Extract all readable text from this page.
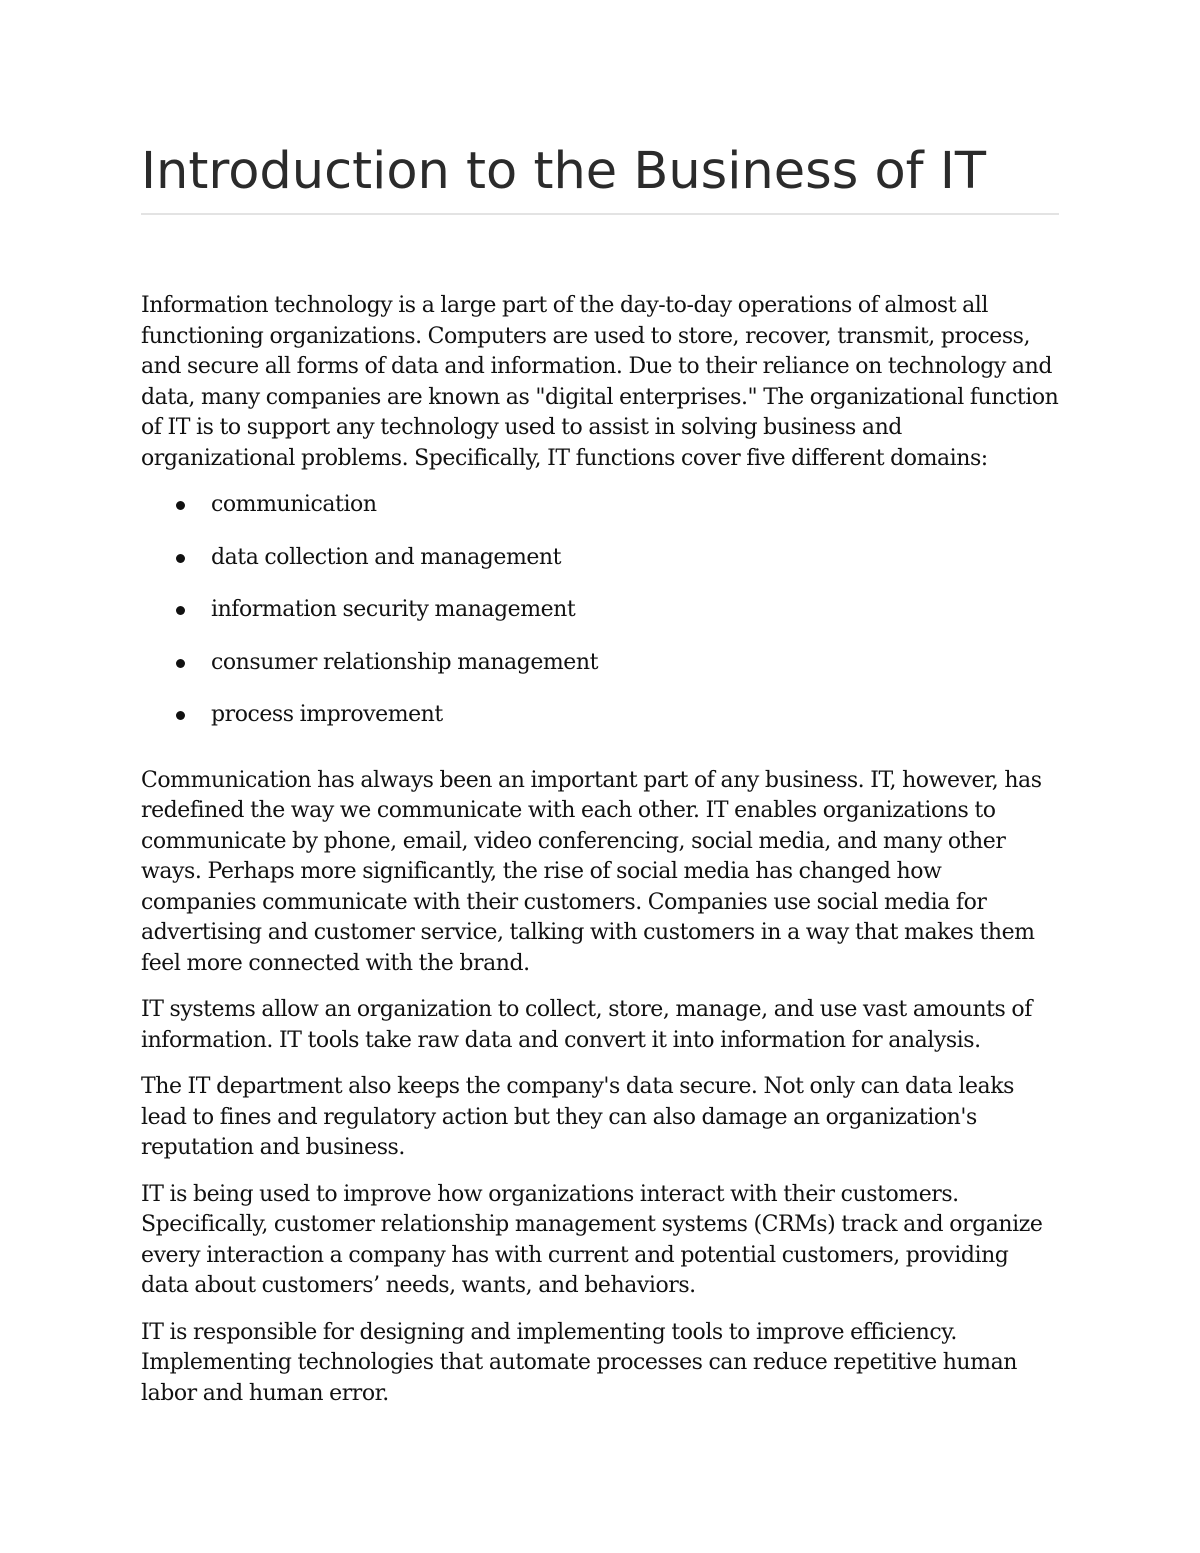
Introduction to the Business of IT

Information technology is a large part of the day-to-day operations of almost all functioning organizations. Computers are used to store, recover, transmit, process, and secure all forms of data and information. Due to their reliance on technology and data, many companies are known as "digital enterprises." The organizational function of IT is to support any technology used to assist in solving business and organizational problems. Specifically, IT functions cover five different domains:

communication
data collection and management
information security management
consumer relationship management
process improvement

Communication has always been an important part of any business. IT, however, has redefined the way we communicate with each other. IT enables organizations to communicate by phone, email, video conferencing, social media, and many other ways. Perhaps more significantly, the rise of social media has changed how companies communicate with their customers. Companies use social media for advertising and customer service, talking with customers in a way that makes them feel more connected with the brand.

IT systems allow an organization to collect, store, manage, and use vast amounts of information. IT tools take raw data and convert it into information for analysis.

The IT department also keeps the company's data secure. Not only can data leaks lead to fines and regulatory action but they can also damage an organization's reputation and business.

IT is being used to improve how organizations interact with their customers. Specifically, customer relationship management systems (CRMs) track and organize every interaction a company has with current and potential customers, providing data about customers’ needs, wants, and behaviors.

IT is responsible for designing and implementing tools to improve efficiency. Implementing technologies that automate processes can reduce repetitive human labor and human error.
